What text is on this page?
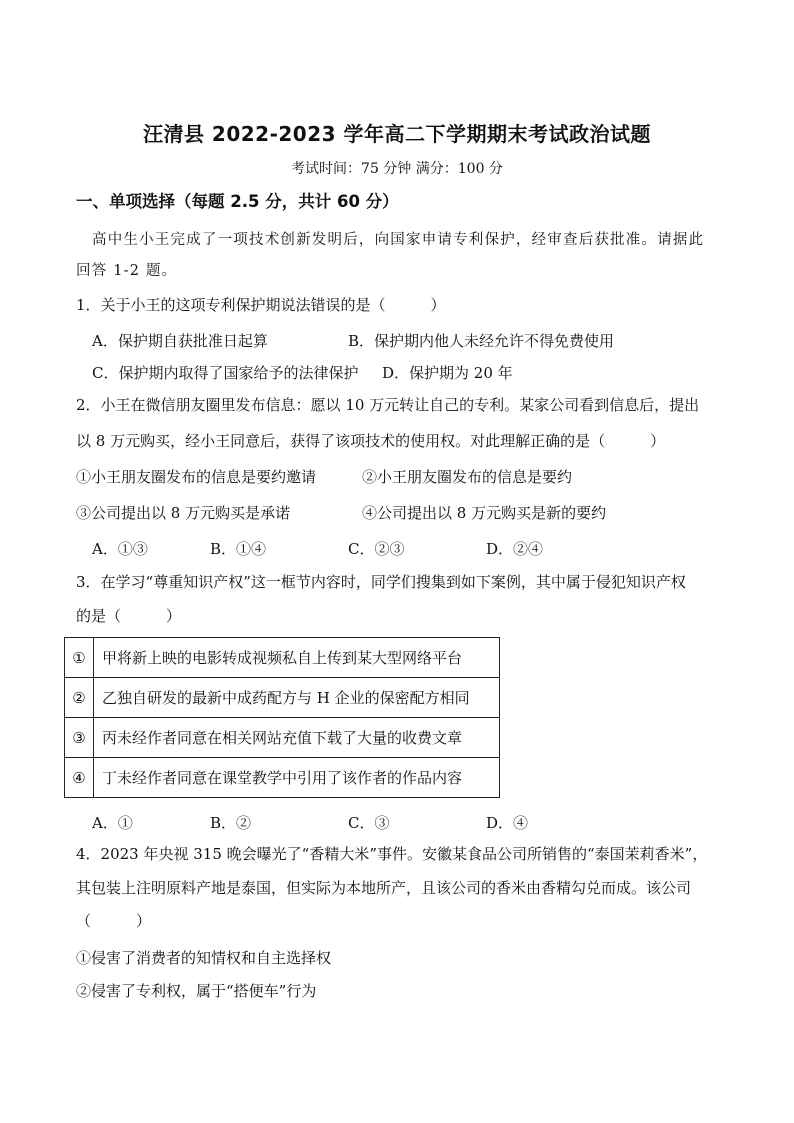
汪清县 2022-2023 学年高二下学期期末考试政治试题
考试时间：75 分钟 满分：100 分
一、单项选择（每题 2.5 分，共计 60 分）
高中生小王完成了一项技术创新发明后，向国家申请专利保护，经审查后获批准。请据此
回答 1-2 题。
1．关于小王的这项专利保护期说法错误的是（　　　）
A．保护期自获批准日起算	B．保护期内他人未经允许不得免费使用
C．保护期内取得了国家给予的法律保护 D．保护期为 20 年
2．小王在微信朋友圈里发布信息：愿以 10 万元转让自己的专利。某家公司看到信息后，提出
以 8 万元购买，经小王同意后，获得了该项技术的使用权。对此理解正确的是（　　　）
①小王朋友圈发布的信息是要约邀请	②小王朋友圈发布的信息是要约
③公司提出以 8 万元购买是承诺	④公司提出以 8 万元购买是新的要约
A．①③	B．①④	C．②③	D．②④
3．在学习“尊重知识产权”这一框节内容时，同学们搜集到如下案例，其中属于侵犯知识产权
的是（　　　）
①	甲将新上映的电影转成视频私自上传到某大型网络平台
②	乙独自研发的最新中成药配方与 H 企业的保密配方相同
③	丙未经作者同意在相关网站充值下载了大量的收费文章
④	丁未经作者同意在课堂教学中引用了该作者的作品内容
A．①	B．②	C．③	D．④
4．2023 年央视 315 晚会曝光了“香精大米”事件。安徽某食品公司所销售的“泰国茉莉香米”，
其包装上注明原料产地是泰国，但实际为本地所产，且该公司的香米由香精勾兑而成。该公司
（　　　）
①侵害了消费者的知情权和自主选择权
②侵害了专利权，属于“搭便车”行为
